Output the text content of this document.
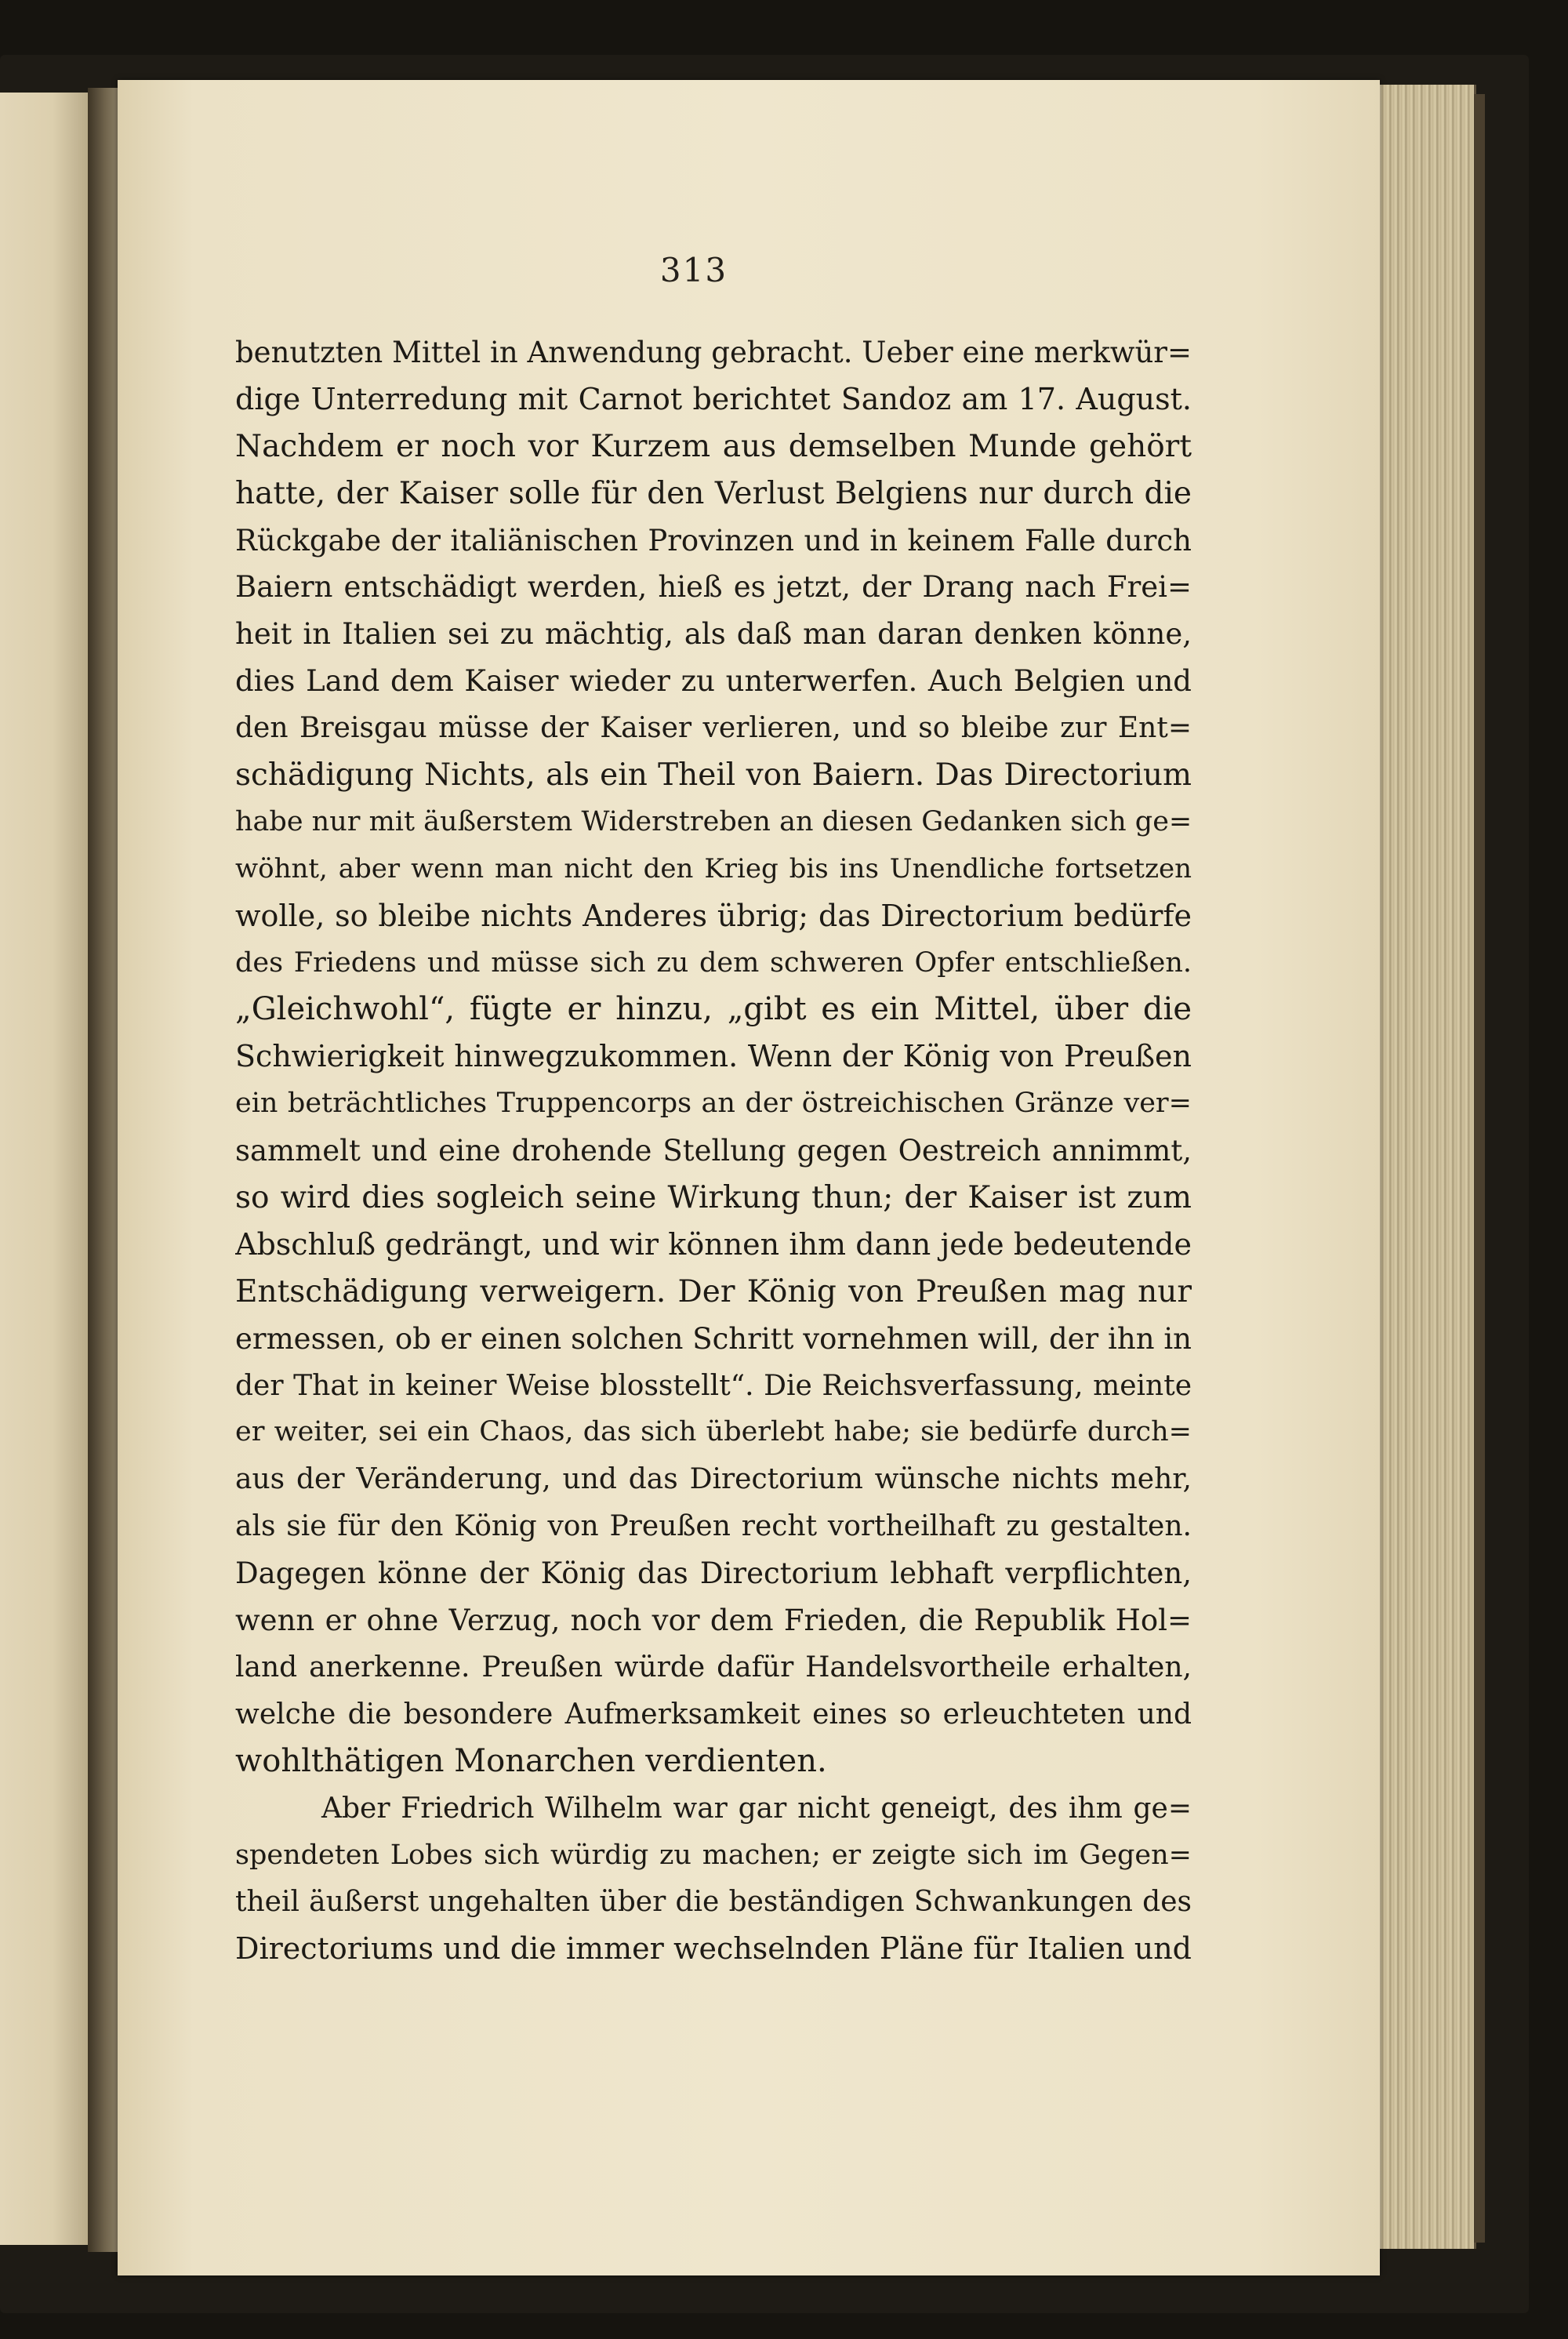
313
benutzten Mittel in Anwendung gebracht. Ueber eine merkwür=
dige Unterredung mit Carnot berichtet Sandoz am 17. August.
Nachdem er noch vor Kurzem aus demselben Munde gehört
hatte, der Kaiser solle für den Verlust Belgiens nur durch die
Rückgabe der italiänischen Provinzen und in keinem Falle durch
Baiern entschädigt werden, hieß es jetzt, der Drang nach Frei=
heit in Italien sei zu mächtig, als daß man daran denken könne,
dies Land dem Kaiser wieder zu unterwerfen. Auch Belgien und
den Breisgau müsse der Kaiser verlieren, und so bleibe zur Ent=
schädigung Nichts, als ein Theil von Baiern. Das Directorium
habe nur mit äußerstem Widerstreben an diesen Gedanken sich ge=
wöhnt, aber wenn man nicht den Krieg bis ins Unendliche fortsetzen
wolle, so bleibe nichts Anderes übrig; das Directorium bedürfe
des Friedens und müsse sich zu dem schweren Opfer entschließen.
„Gleichwohl“, fügte er hinzu, „gibt es ein Mittel, über die
Schwierigkeit hinwegzukommen. Wenn der König von Preußen
ein beträchtliches Truppencorps an der östreichischen Gränze ver=
sammelt und eine drohende Stellung gegen Oestreich annimmt,
so wird dies sogleich seine Wirkung thun; der Kaiser ist zum
Abschluß gedrängt, und wir können ihm dann jede bedeutende
Entschädigung verweigern. Der König von Preußen mag nur
ermessen, ob er einen solchen Schritt vornehmen will, der ihn in
der That in keiner Weise blosstellt“. Die Reichsverfassung, meinte
er weiter, sei ein Chaos, das sich überlebt habe; sie bedürfe durch=
aus der Veränderung, und das Directorium wünsche nichts mehr,
als sie für den König von Preußen recht vortheilhaft zu gestalten.
Dagegen könne der König das Directorium lebhaft verpflichten,
wenn er ohne Verzug, noch vor dem Frieden, die Republik Hol=
land anerkenne. Preußen würde dafür Handelsvortheile erhalten,
welche die besondere Aufmerksamkeit eines so erleuchteten und
wohlthätigen Monarchen verdienten.
Aber Friedrich Wilhelm war gar nicht geneigt, des ihm ge=
spendeten Lobes sich würdig zu machen; er zeigte sich im Gegen=
theil äußerst ungehalten über die beständigen Schwankungen des
Directoriums und die immer wechselnden Pläne für Italien und
